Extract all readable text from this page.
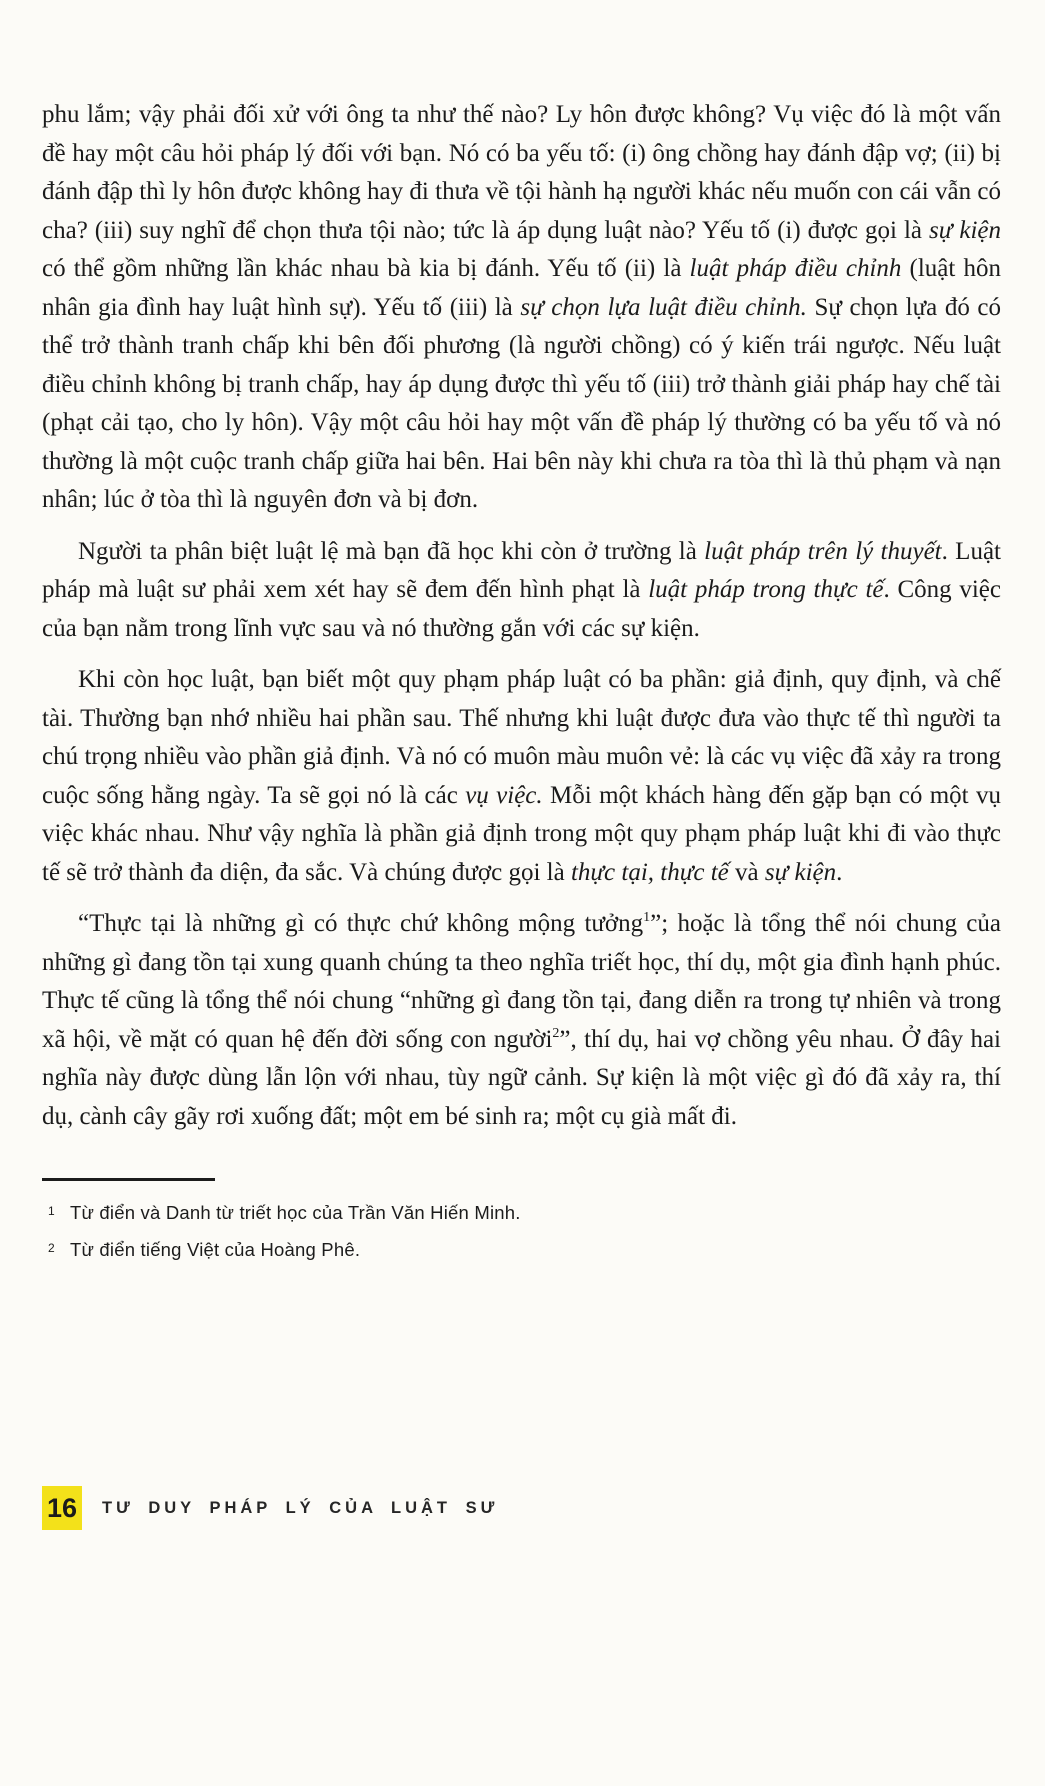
phu lắm; vậy phải đối xử với ông ta như thế nào? Ly hôn được không? Vụ việc đó là một vấn đề hay một câu hỏi pháp lý đối với bạn. Nó có ba yếu tố: (i) ông chồng hay đánh đập vợ; (ii) bị đánh đập thì ly hôn được không hay đi thưa về tội hành hạ người khác nếu muốn con cái vẫn có cha? (iii) suy nghĩ để chọn thưa tội nào; tức là áp dụng luật nào? Yếu tố (i) được gọi là sự kiện có thể gồm những lần khác nhau bà kia bị đánh. Yếu tố (ii) là luật pháp điều chỉnh (luật hôn nhân gia đình hay luật hình sự). Yếu tố (iii) là sự chọn lựa luật điều chỉnh. Sự chọn lựa đó có thể trở thành tranh chấp khi bên đối phương (là người chồng) có ý kiến trái ngược. Nếu luật điều chỉnh không bị tranh chấp, hay áp dụng được thì yếu tố (iii) trở thành giải pháp hay chế tài (phạt cải tạo, cho ly hôn). Vậy một câu hỏi hay một vấn đề pháp lý thường có ba yếu tố và nó thường là một cuộc tranh chấp giữa hai bên. Hai bên này khi chưa ra tòa thì là thủ phạm và nạn nhân; lúc ở tòa thì là nguyên đơn và bị đơn.

Người ta phân biệt luật lệ mà bạn đã học khi còn ở trường là luật pháp trên lý thuyết. Luật pháp mà luật sư phải xem xét hay sẽ đem đến hình phạt là luật pháp trong thực tế. Công việc của bạn nằm trong lĩnh vực sau và nó thường gắn với các sự kiện.

Khi còn học luật, bạn biết một quy phạm pháp luật có ba phần: giả định, quy định, và chế tài. Thường bạn nhớ nhiều hai phần sau. Thế nhưng khi luật được đưa vào thực tế thì người ta chú trọng nhiều vào phần giả định. Và nó có muôn màu muôn vẻ: là các vụ việc đã xảy ra trong cuộc sống hằng ngày. Ta sẽ gọi nó là các vụ việc. Mỗi một khách hàng đến gặp bạn có một vụ việc khác nhau. Như vậy nghĩa là phần giả định trong một quy phạm pháp luật khi đi vào thực tế sẽ trở thành đa diện, đa sắc. Và chúng được gọi là thực tại, thực tế và sự kiện.

“Thực tại là những gì có thực chứ không mộng tưởng$^1$”; hoặc là tổng thể nói chung của những gì đang tồn tại xung quanh chúng ta theo nghĩa triết học, thí dụ, một gia đình hạnh phúc. Thực tế cũng là tổng thể nói chung “những gì đang tồn tại, đang diễn ra trong tự nhiên và trong xã hội, về mặt có quan hệ đến đời sống con người$^2$”, thí dụ, hai vợ chồng yêu nhau. Ở đây hai nghĩa này được dùng lẫn lộn với nhau, tùy ngữ cảnh. Sự kiện là một việc gì đó đã xảy ra, thí dụ, cành cây gãy rơi xuống đất; một em bé sinh ra; một cụ già mất đi.

1 Từ điển và Danh từ triết học của Trần Văn Hiến Minh.

2 Từ điển tiếng Việt của Hoàng Phê.

16	TƯ DUY PHÁP LÝ CỦA LUẬT SƯ
